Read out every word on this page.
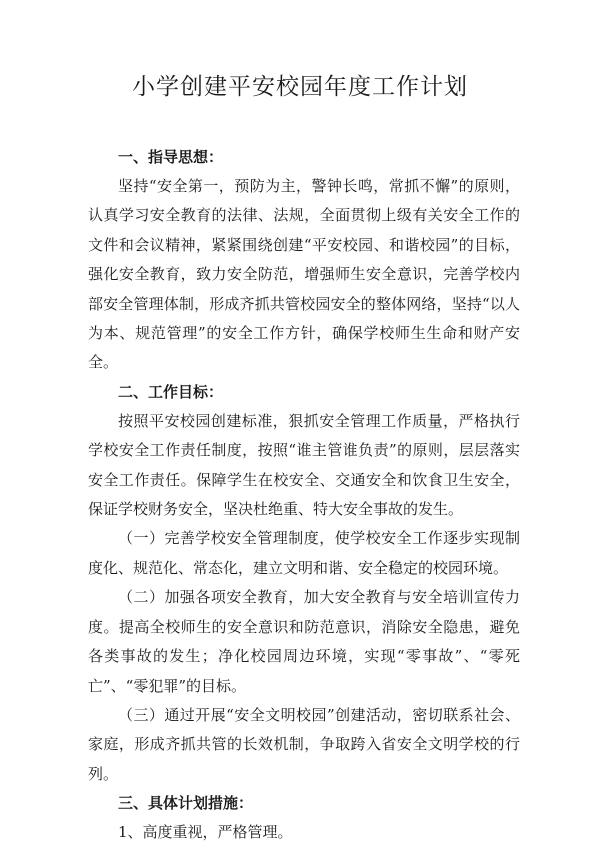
小学创建平安校园年度工作计划

一、指导思想：

坚持“安全第一，预防为主，警钟长鸣，常抓不懈”的原则，认真学习安全教育的法律、法规，全面贯彻上级有关安全工作的文件和会议精神，紧紧围绕创建“平安校园、和谐校园”的目标，强化安全教育，致力安全防范，增强师生安全意识，完善学校内部安全管理体制，形成齐抓共管校园安全的整体网络，坚持“以人为本、规范管理”的安全工作方针，确保学校师生生命和财产安全。

二、工作目标：

按照平安校园创建标准，狠抓安全管理工作质量，严格执行学校安全工作责任制度，按照“谁主管谁负责”的原则，层层落实安全工作责任。保障学生在校安全、交通安全和饮食卫生安全，保证学校财务安全，坚决杜绝重、特大安全事故的发生。

（一）完善学校安全管理制度，使学校安全工作逐步实现制度化、规范化、常态化，建立文明和谐、安全稳定的校园环境。

（二）加强各项安全教育，加大安全教育与安全培训宣传力度。提高全校师生的安全意识和防范意识，消除安全隐患，避免各类事故的发生；净化校园周边环境，实现“零事故”、“零死亡”、“零犯罪”的目标。

（三）通过开展“安全文明校园”创建活动，密切联系社会、家庭，形成齐抓共管的长效机制，争取跨入省安全文明学校的行列。

三、具体计划措施：

1、高度重视，严格管理。
